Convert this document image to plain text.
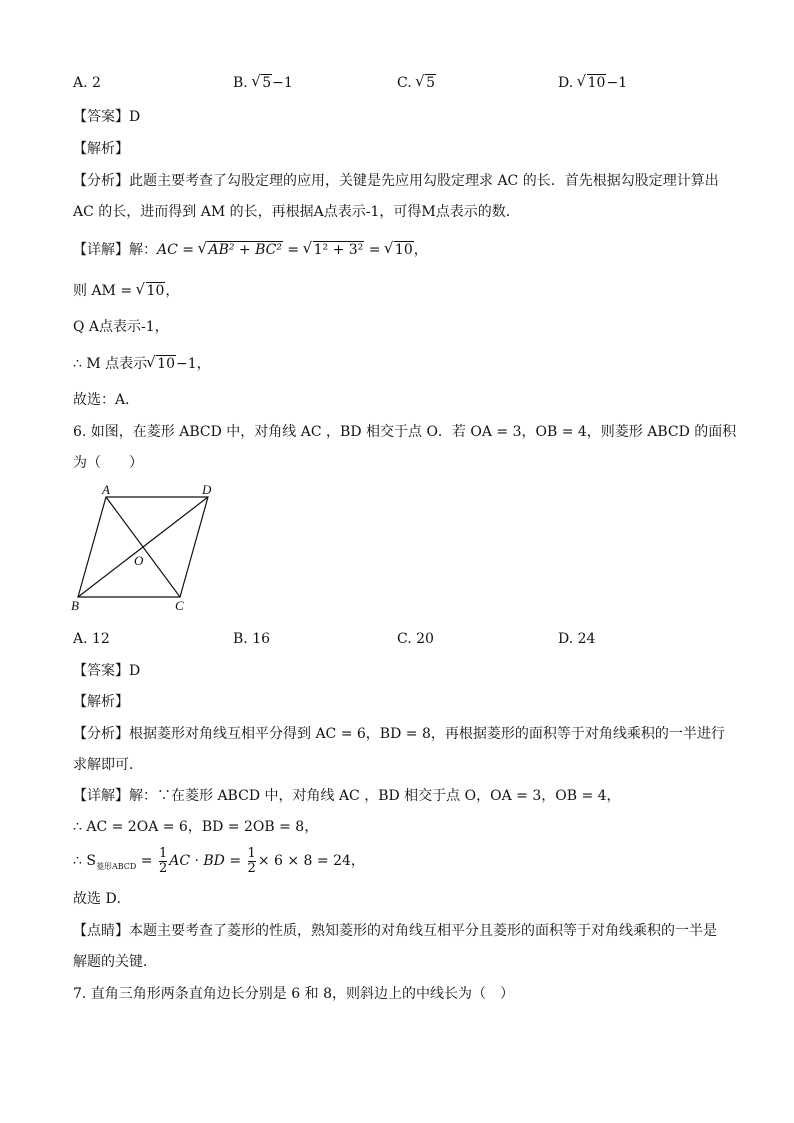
A. 2	B. √ 5−1	C. √ 5	D. √ 10−1
【答案】D
【解析】
【分析】此题主要考查了勾股定理的应用，关键是先应用勾股定理求 AC 的长．首先根据勾股定理计算出
AC 的长，进而得到 AM 的长，再根据A点表示-1，可得M点表示的数．
【详解】解：AC = √ AB² + BC² = √ 1² + 3² = √ 10，
则 AM = √ 10，
Q A点表示-1，
∴ M 点表示√ 10−1，
故选：A．
6. 如图，在菱形 ABCD 中，对角线 AC ，BD 相交于点 O．若 OA = 3，OB = 4，则菱形 ABCD 的面积
为（　　）
A	D
O
B	C
A. 12	B. 16	C. 20	D. 24
【答案】D
【解析】
【分析】根据菱形对角线互相平分得到 AC = 6，BD = 8，再根据菱形的面积等于对角线乘积的一半进行
求解即可．
【详解】解：∵在菱形 ABCD 中，对角线 AC ，BD 相交于点 O，OA = 3，OB = 4，
∴ AC = 2OA = 6，BD = 2OB = 8，
∴ $S_{菱形ABCD} = \frac{1}{2}$ AC · BD = $\frac{1}{2} \times 6 \times 8 = 24$，
故选 D．
【点睛】本题主要考查了菱形的性质，熟知菱形的对角线互相平分且菱形的面积等于对角线乘积的一半是
解题的关键．
7. 直角三角形两条直角边长分别是 6 和 8，则斜边上的中线长为（　）
